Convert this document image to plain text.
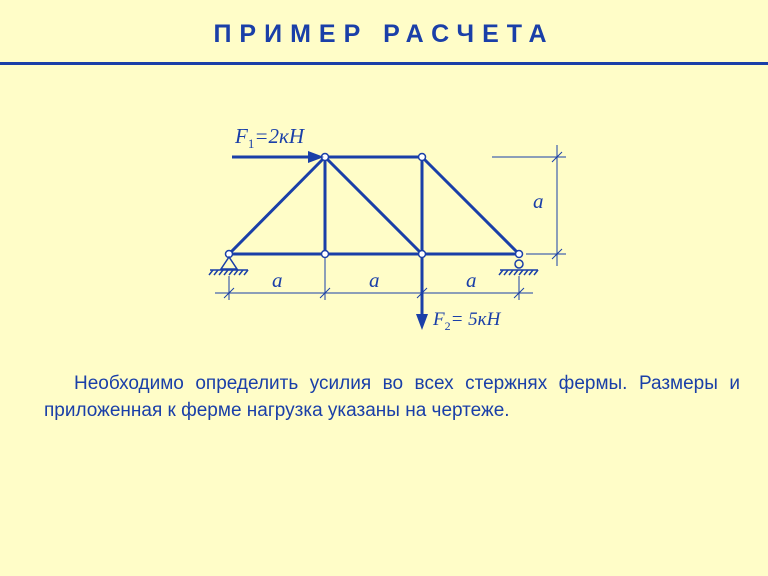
ПРИМЕР РАСЧЕТА
$F_1=2кН$
$F_2= 5кН$
a	a	a
a

Необходимо определить усилия во всех стержнях фермы. Размеры и приложенная к ферме нагрузка указаны на чертеже.
